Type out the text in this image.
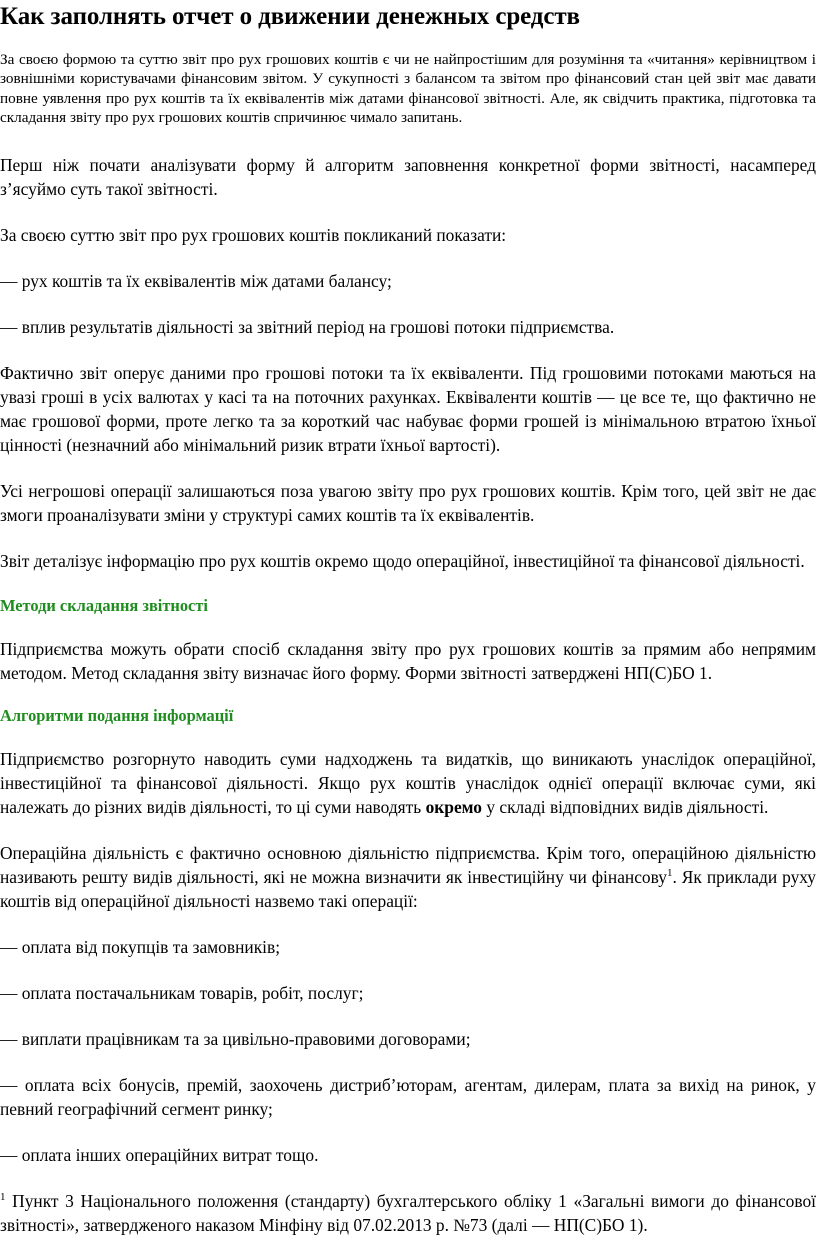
Как заполнять отчет о движении денежных средств

За своєю формою та суттю звіт про рух грошових коштів є чи не найпростішим для розуміння та «читання» керівництвом і зовнішніми користувачами фінансовим звітом. У сукупності з балансом та звітом про фінансовий стан цей звіт має давати повне уявлення про рух коштів та їх еквівалентів між датами фінансової звітності. Але, як свідчить практика, підготовка та складання звіту про рух грошових коштів спричинює чимало запитань.

Перш ніж почати аналізувати форму й алгоритм заповнення конкретної форми звітності, насамперед з’ясуймо суть такої звітності.

За своєю суттю звіт про рух грошових коштів покликаний показати:

— рух коштів та їх еквівалентів між датами балансу;

— вплив результатів діяльності за звітний період на грошові потоки підприємства.

Фактично звіт оперує даними про грошові потоки та їх еквіваленти. Під грошовими потоками маються на увазі гроші в усіх валютах у касі та на поточних рахунках. Еквіваленти коштів — це все те, що фактично не має грошової форми, проте легко та за короткий час набуває форми грошей із мінімальною втратою їхньої цінності (незначний або мінімальний ризик втрати їхньої вартості).

Усі негрошові операції залишаються поза увагою звіту про рух грошових коштів. Крім того, цей звіт не дає змоги проаналізувати зміни у структурі самих коштів та їх еквівалентів.

Звіт деталізує інформацію про рух коштів окремо щодо операційної, інвестиційної та фінансової діяльності.

Методи складання звітності

Підприємства можуть обрати спосіб складання звіту про рух грошових коштів за прямим або непрямим методом. Метод складання звіту визначає його форму. Форми звітності затверджені НП(С)БО 1.

Алгоритми подання інформації

Підприємство розгорнуто наводить суми надходжень та видатків, що виникають унаслідок операційної, інвестиційної та фінансової діяльності. Якщо рух коштів унаслідок однієї операції включає суми, які належать до різних видів діяльності, то ці суми наводять окремо у складі відповідних видів діяльності.

Операційна діяльність є фактично основною діяльністю підприємства. Крім того, операційною діяльністю називають решту видів діяльності, які не можна визначити як інвестиційну чи фінансову$^1$. Як приклади руху коштів від операційної діяльності назвемо такі операції:

— оплата від покупців та замовників;

— оплата постачальникам товарів, робіт, послуг;

— виплати працівникам та за цивільно-правовими договорами;

— оплата всіх бонусів, премій, заохочень дистриб’юторам, агентам, дилерам, плата за вихід на ринок, у певний географічний сегмент ринку;

— оплата інших операційних витрат тощо.

$^1$ Пункт 3 Національного положення (стандарту) бухгалтерського обліку 1 «Загальні вимоги до фінансової звітності», затвердженого наказом Мінфіну від 07.02.2013 р. №73 (далі — НП(С)БО 1).
